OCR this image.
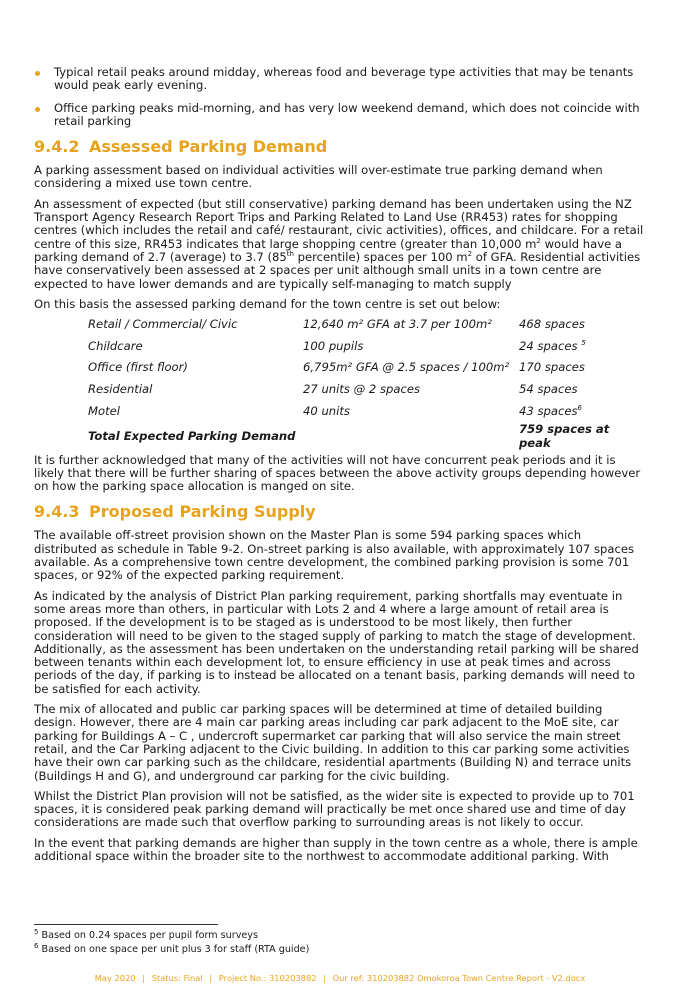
Typical retail peaks around midday, whereas food and beverage type activities that may be tenants would peak early evening.
Office parking peaks mid-morning, and has very low weekend demand, which does not coincide with retail parking
9.4.2 Assessed Parking Demand

A parking assessment based on individual activities will over-estimate true parking demand when considering a mixed use town centre.

An assessment of expected (but still conservative) parking demand has been undertaken using the NZ Transport Agency Research Report Trips and Parking Related to Land Use (RR453) rates for shopping centres (which includes the retail and café/ restaurant, civic activities), offices, and childcare. For a retail centre of this size, RR453 indicates that large shopping centre (greater than 10,000 $m^2$ would have a parking demand of 2.7 (average) to 3.7 (85th percentile) spaces per 100 $m^2$ of GFA. Residential activities have conservatively been assessed at 2 spaces per unit although small units in a town centre are expected to have lower demands and are typically self-managing to match supply

On this basis the assessed parking demand for the town centre is set out below:

Retail / Commercial/ Civic	12,640 m² GFA at 3.7 per 100m²	468 spaces
Childcare	100 pupils	24 spaces $^5$
Office (first floor)	6,795m² GFA @ 2.5 spaces / 100m²	170 spaces
Residential	27 units @ 2 spaces	54 spaces
Motel	40 units	43 spaces$^6$
Total Expected Parking Demand		759 spaces at peak

It is further acknowledged that many of the activities will not have concurrent peak periods and it is likely that there will be further sharing of spaces between the above activity groups depending however on how the parking space allocation is manged on site.

9.4.3 Proposed Parking Supply

The available off-street provision shown on the Master Plan is some 594 parking spaces which distributed as schedule in Table 9-2. On-street parking is also available, with approximately 107 spaces available. As a comprehensive town centre development, the combined parking provision is some 701 spaces, or 92% of the expected parking requirement.

As indicated by the analysis of District Plan parking requirement, parking shortfalls may eventuate in some areas more than others, in particular with Lots 2 and 4 where a large amount of retail area is proposed. If the development is to be staged as is understood to be most likely, then further consideration will need to be given to the staged supply of parking to match the stage of development. Additionally, as the assessment has been undertaken on the understanding retail parking will be shared between tenants within each development lot, to ensure efficiency in use at peak times and across periods of the day, if parking is to instead be allocated on a tenant basis, parking demands will need to be satisfied for each activity.

The mix of allocated and public car parking spaces will be determined at time of detailed building design. However, there are 4 main car parking areas including car park adjacent to the MoE site, car parking for Buildings A – C , undercroft supermarket car parking that will also service the main street retail, and the Car Parking adjacent to the Civic building. In addition to this car parking some activities have their own car parking such as the childcare, residential apartments (Building N) and terrace units (Buildings H and G), and underground car parking for the civic building.

Whilst the District Plan provision will not be satisfied, as the wider site is expected to provide up to 701 spaces, it is considered peak parking demand will practically be met once shared use and time of day considerations are made such that overflow parking to surrounding areas is not likely to occur.

In the event that parking demands are higher than supply in the town centre as a whole, there is ample additional space within the broader site to the northwest to accommodate additional parking. With

$^5$ Based on 0.24 spaces per pupil form surveys

$^6$ Based on one space per unit plus 3 for staff (RTA guide)

May 2020 | Status: Final | Project No.: 310203882 | Our ref: 310203882 Omokoroa Town Centre Report - V2.docx
